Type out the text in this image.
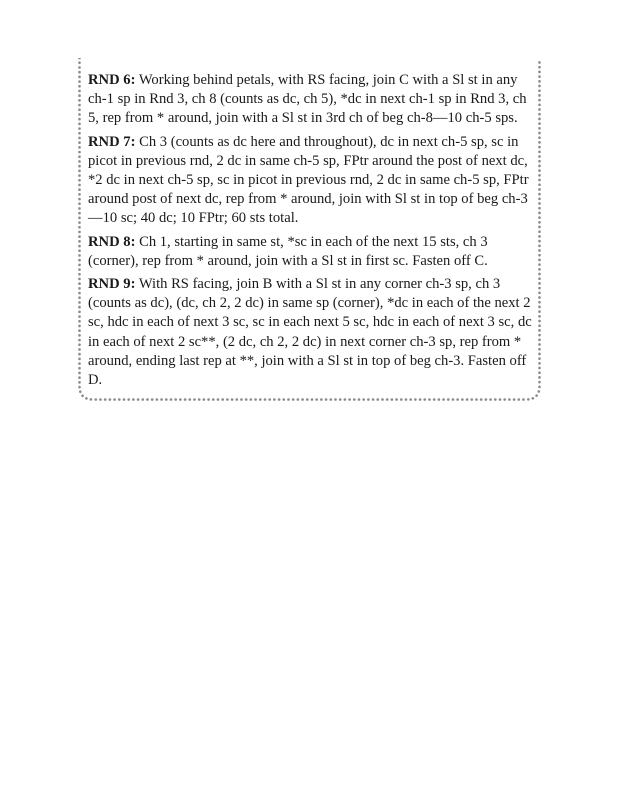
RND 6: Working behind petals, with RS facing, join C with a Sl st in any ch-1 sp in Rnd 3, ch 8 (counts as dc, ch 5), *dc in next ch-1 sp in Rnd 3, ch 5, rep from * around, join with a Sl st in 3rd ch of beg ch-8—10 ch-5 sps.

RND 7: Ch 3 (counts as dc here and throughout), dc in next ch-5 sp, sc in picot in previous rnd, 2 dc in same ch-5 sp, FPtr around the post of next dc, *2 dc in next ch-5 sp, sc in picot in previous rnd, 2 dc in same ch-5 sp, FPtr around post of next dc, rep from * around, join with Sl st in top of beg ch-3—10 sc; 40 dc; 10 FPtr; 60 sts total.

RND 8: Ch 1, starting in same st, *sc in each of the next 15 sts, ch 3 (corner), rep from * around, join with a Sl st in first sc. Fasten off C.

RND 9: With RS facing, join B with a Sl st in any corner ch-3 sp, ch 3 (counts as dc), (dc, ch 2, 2 dc) in same sp (corner), *dc in each of the next 2 sc, hdc in each of next 3 sc, sc in each next 5 sc, hdc in each of next 3 sc, dc in each of next 2 sc**, (2 dc, ch 2, 2 dc) in next corner ch-3 sp, rep from * around, ending last rep at **, join with a Sl st in top of beg ch-3. Fasten off D.
